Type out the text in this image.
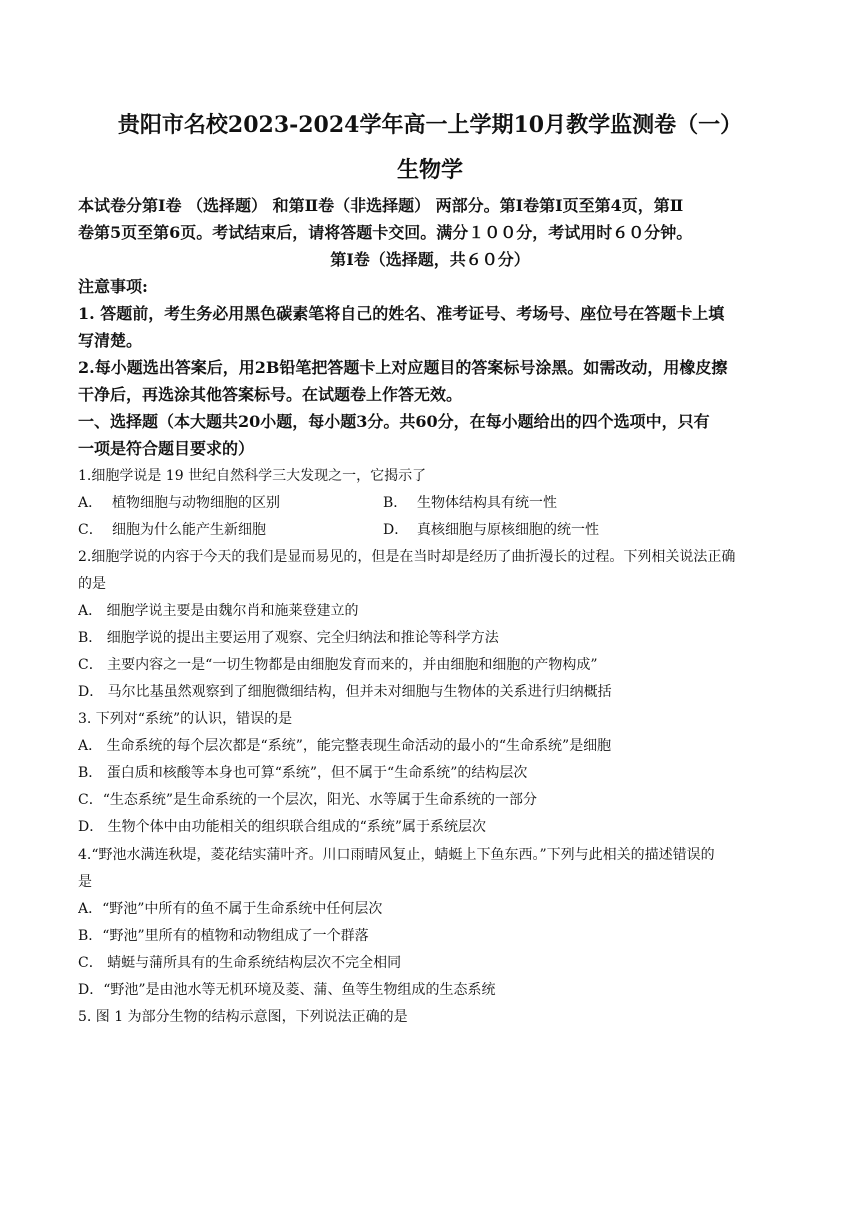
贵阳市名校2023-2024学年高一上学期10月教学监测卷（一）
生物学
本试卷分第Ⅰ卷 （选择题） 和第Ⅱ卷（非选择题） 两部分。第Ⅰ卷第Ⅰ页至第4页，第Ⅱ
卷第5页至第6页。考试结束后，请将答题卡交回。满分１００分，考试用时６０分钟。
第Ⅰ卷（选择题，共６０分）
注意事项:
1. 答题前，考生务必用黑色碳素笔将自己的姓名、准考证号、考场号、座位号在答题卡上填
写清楚。
2.每小题选出答案后，用2B铅笔把答题卡上对应题目的答案标号涂黑。如需改动，用橡皮擦
干净后，再选涂其他答案标号。在试题卷上作答无效。
一、选择题（本大题共20小题，每小题3分。共60分，在每小题给出的四个选项中，只有
一项是符合题目要求的）
1.细胞学说是 19 世纪自然科学三大发现之一，它揭示了
A． 植物细胞与动物细胞的区别	B． 生物体结构具有统一性
C． 细胞为什么能产生新细胞	D． 真核细胞与原核细胞的统一性
2.细胞学说的内容于今天的我们是显而易见的，但是在当时却是经历了曲折漫长的过程。下列相关说法正确
的是
A． 细胞学说主要是由魏尔肖和施莱登建立的
B． 细胞学说的提出主要运用了观察、完全归纳法和推论等科学方法
C． 主要内容之一是“一切生物都是由细胞发育而来的，并由细胞和细胞的产物构成”
D． 马尔比基虽然观察到了细胞微细结构，但并未对细胞与生物体的关系进行归纳概括
3. 下列对“系统”的认识，错误的是
A． 生命系统的每个层次都是“系统”，能完整表现生命活动的最小的“生命系统”是细胞
B． 蛋白质和核酸等本身也可算“系统”，但不属于“生命系统”的结构层次
C．“生态系统”是生命系统的一个层次，阳光、水等属于生命系统的一部分
D． 生物个体中由功能相关的组织联合组成的“系统”属于系统层次
4.“野池水满连秋堤，菱花结实蒲叶齐。川口雨晴风复止，蜻蜓上下鱼东西。”下列与此相关的描述错误的
是
A．“野池”中所有的鱼不属于生命系统中任何层次
B．“野池”里所有的植物和动物组成了一个群落
C． 蜻蜓与蒲所具有的生命系统结构层次不完全相同
D．“野池”是由池水等无机环境及菱、蒲、鱼等生物组成的生态系统
5. 图 1 为部分生物的结构示意图，下列说法正确的是
